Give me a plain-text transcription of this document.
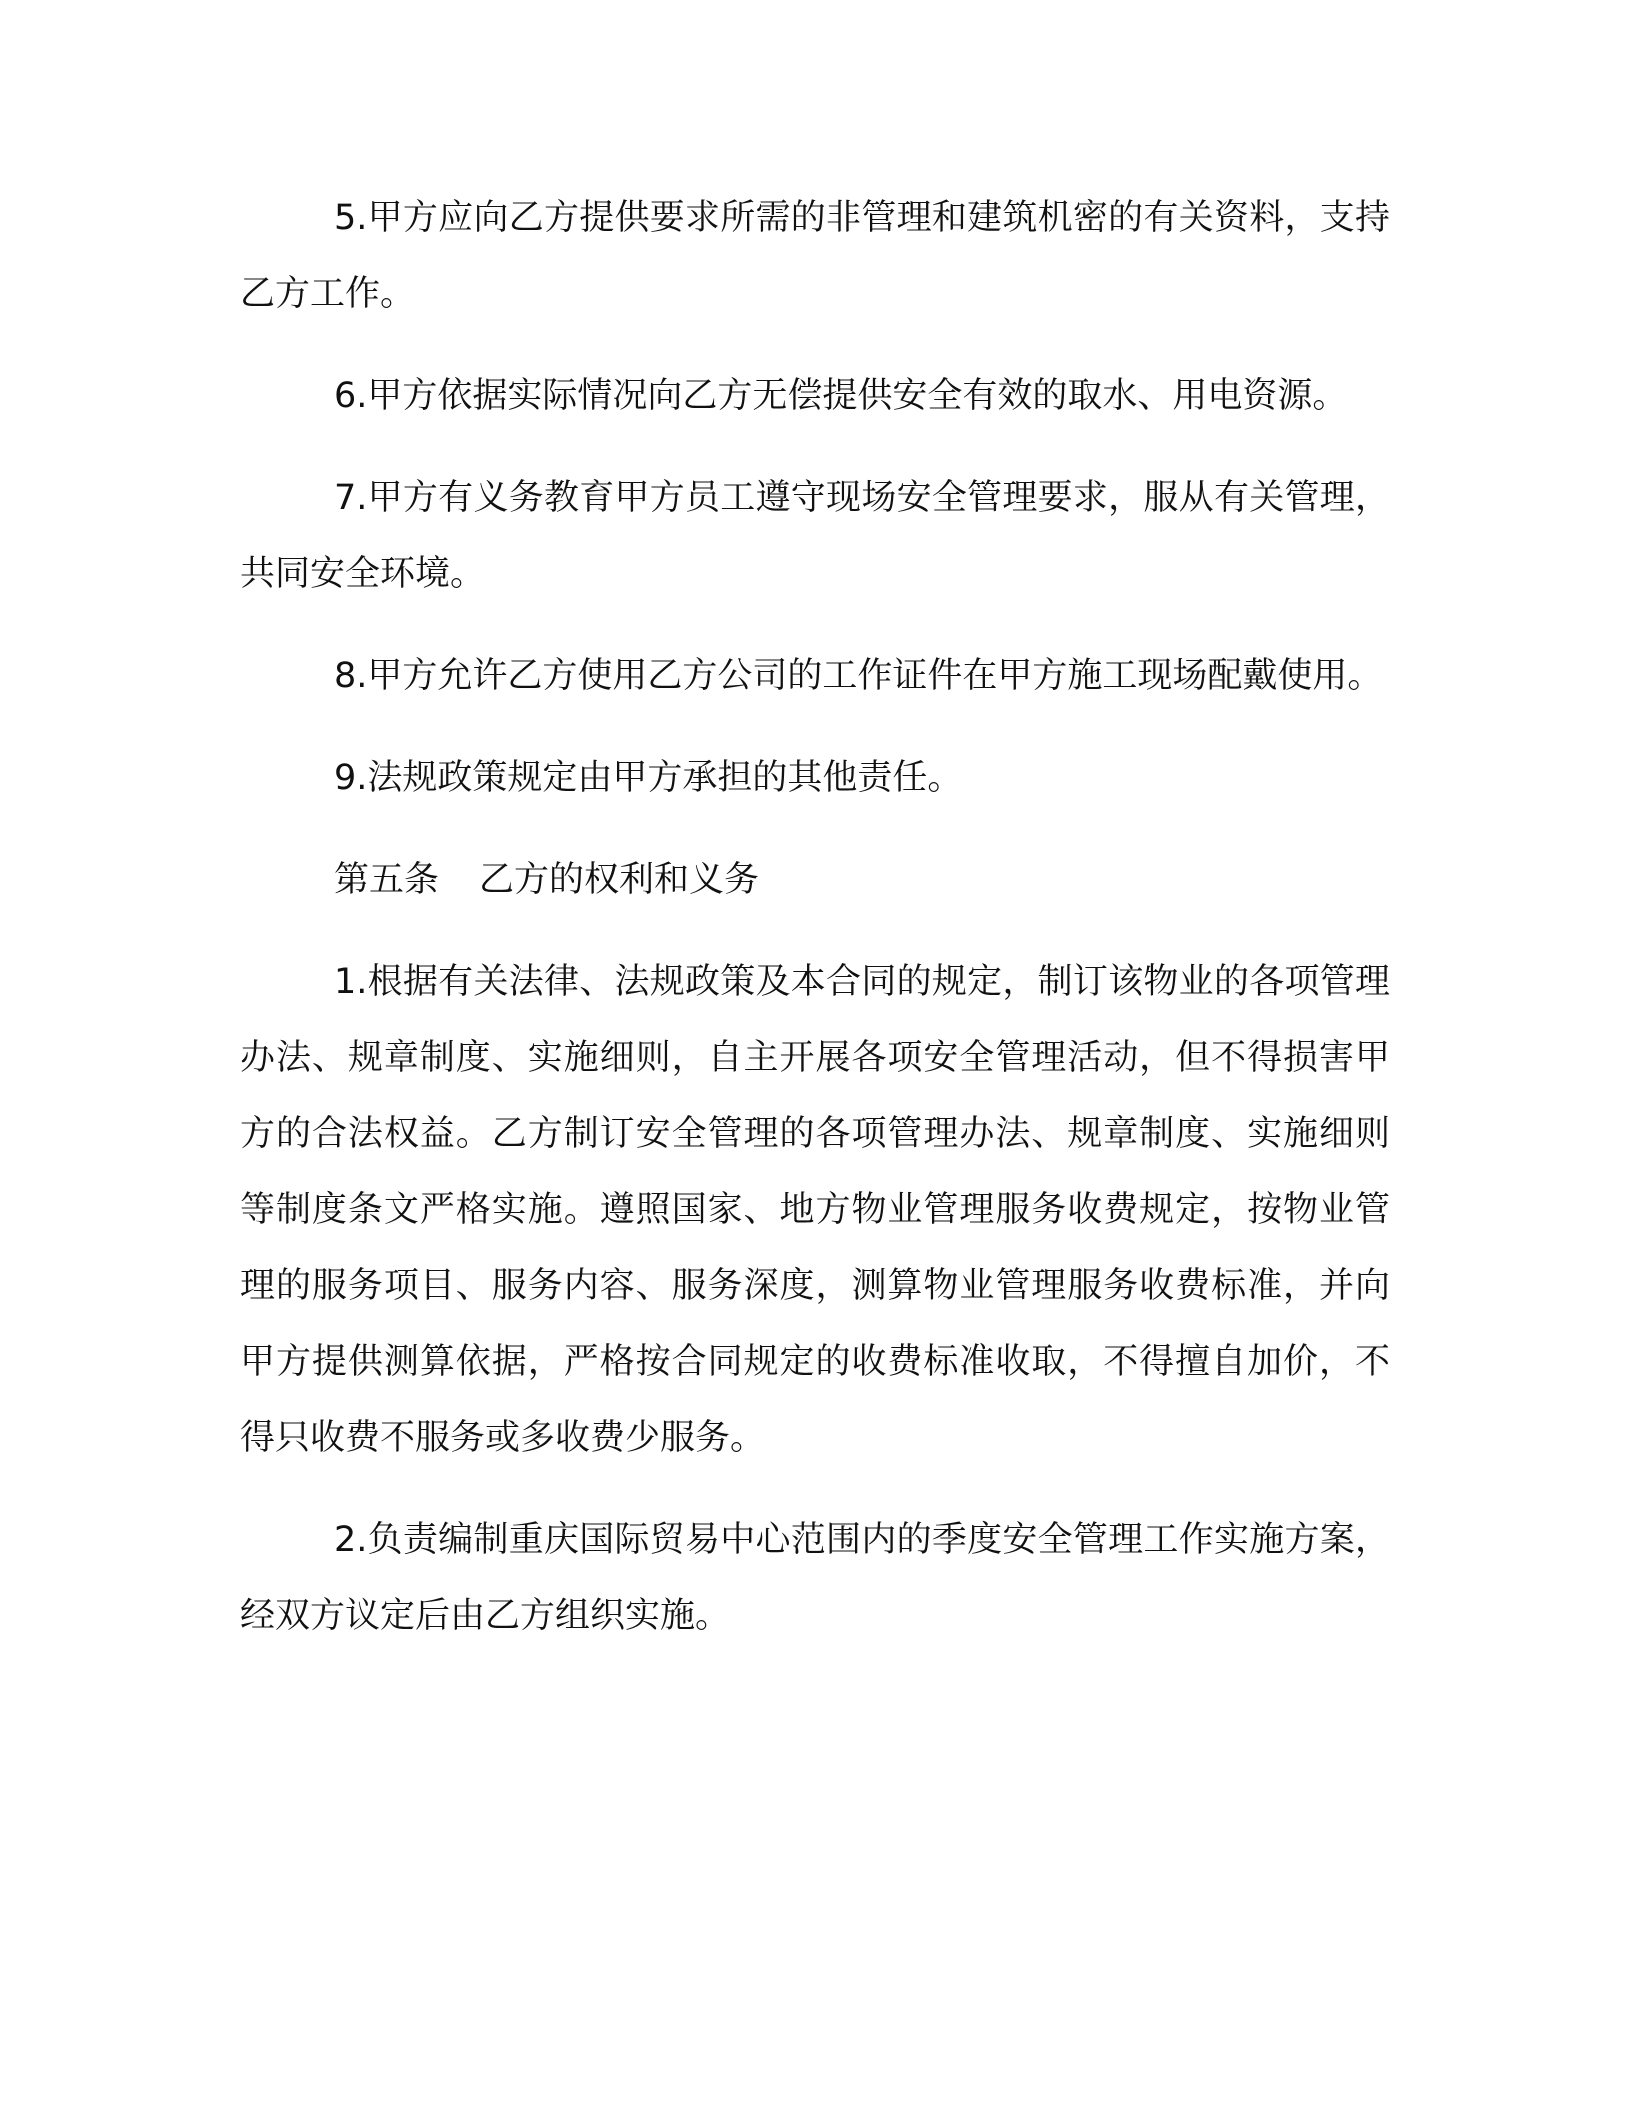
5.甲方应向乙方提供要求所需的非管理和建筑机密的有关资料，支持乙方工作。

6.甲方依据实际情况向乙方无偿提供安全有效的取水、用电资源。

7.甲方有义务教育甲方员工遵守现场安全管理要求，服从有关管理，共同安全环境。

8.甲方允许乙方使用乙方公司的工作证件在甲方施工现场配戴使用。

9.法规政策规定由甲方承担的其他责任。

第五条 乙方的权利和义务

1.根据有关法律、法规政策及本合同的规定，制订该物业的各项管理办法、规章制度、实施细则，自主开展各项安全管理活动，但不得损害甲方的合法权益。乙方制订安全管理的各项管理办法、规章制度、实施细则等制度条文严格实施。遵照国家、地方物业管理服务收费规定，按物业管理的服务项目、服务内容、服务深度，测算物业管理服务收费标准，并向甲方提供测算依据，严格按合同规定的收费标准收取，不得擅自加价，不得只收费不服务或多收费少服务。

2.负责编制重庆国际贸易中心范围内的季度安全管理工作实施方案，经双方议定后由乙方组织实施。
